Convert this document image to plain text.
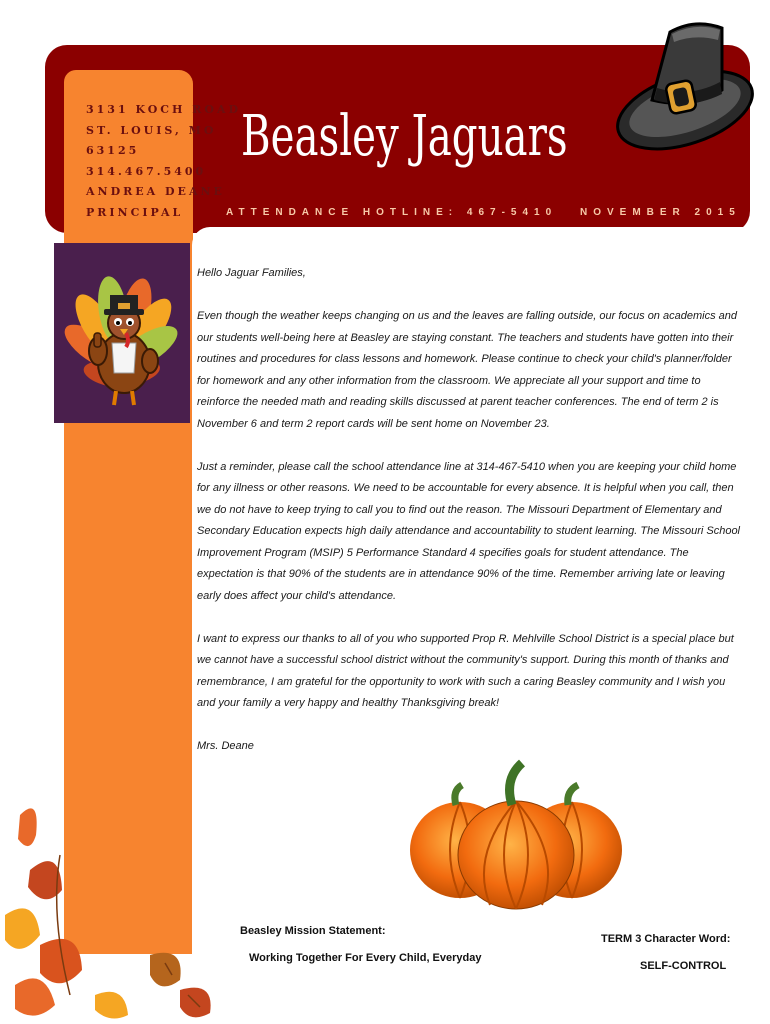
3131 KOCH ROAD
ST. LOUIS, MO
63125
314.467.5400
ANDREA DEANE
PRINCIPAL
Beasley Jaguars
ATTENDANCE HOTLINE: 467-5410 NOVEMBER 2015

Hello Jaguar Families,

Even though the weather keeps changing on us and the leaves are falling outside, our focus on academics and our students well-being here at Beasley are staying constant. The teachers and students have gotten into their routines and procedures for class lessons and homework. Please continue to check your child's planner/folder for homework and any other information from the classroom. We appreciate all your support and time to reinforce the needed math and reading skills discussed at parent teacher conferences. The end of term 2 is November 6 and term 2 report cards will be sent home on November 23.

Just a reminder, please call the school attendance line at 314-467-5410 when you are keeping your child home for any illness or other reasons. We need to be accountable for every absence. It is helpful when you call, then we do not have to keep trying to call you to find out the reason. The Missouri Department of Elementary and Secondary Education expects high daily attendance and accountability to student learning. The Missouri School Improvement Program (MSIP) 5 Performance Standard 4 specifies goals for student attendance. The expectation is that 90% of the students are in attendance 90% of the time. Remember arriving late or leaving early does affect your child's attendance.

I want to express our thanks to all of you who supported Prop R. Mehlville School District is a special place but we cannot have a successful school district without the community's support. During this month of thanks and remembrance, I am grateful for the opportunity to work with such a caring Beasley community and I wish you and your family a very happy and healthy Thanksgiving break!

Mrs. Deane

Beasley Mission Statement:
Working Together For Every Child, Everyday
TERM 3 Character Word:
SELF-CONTROL
